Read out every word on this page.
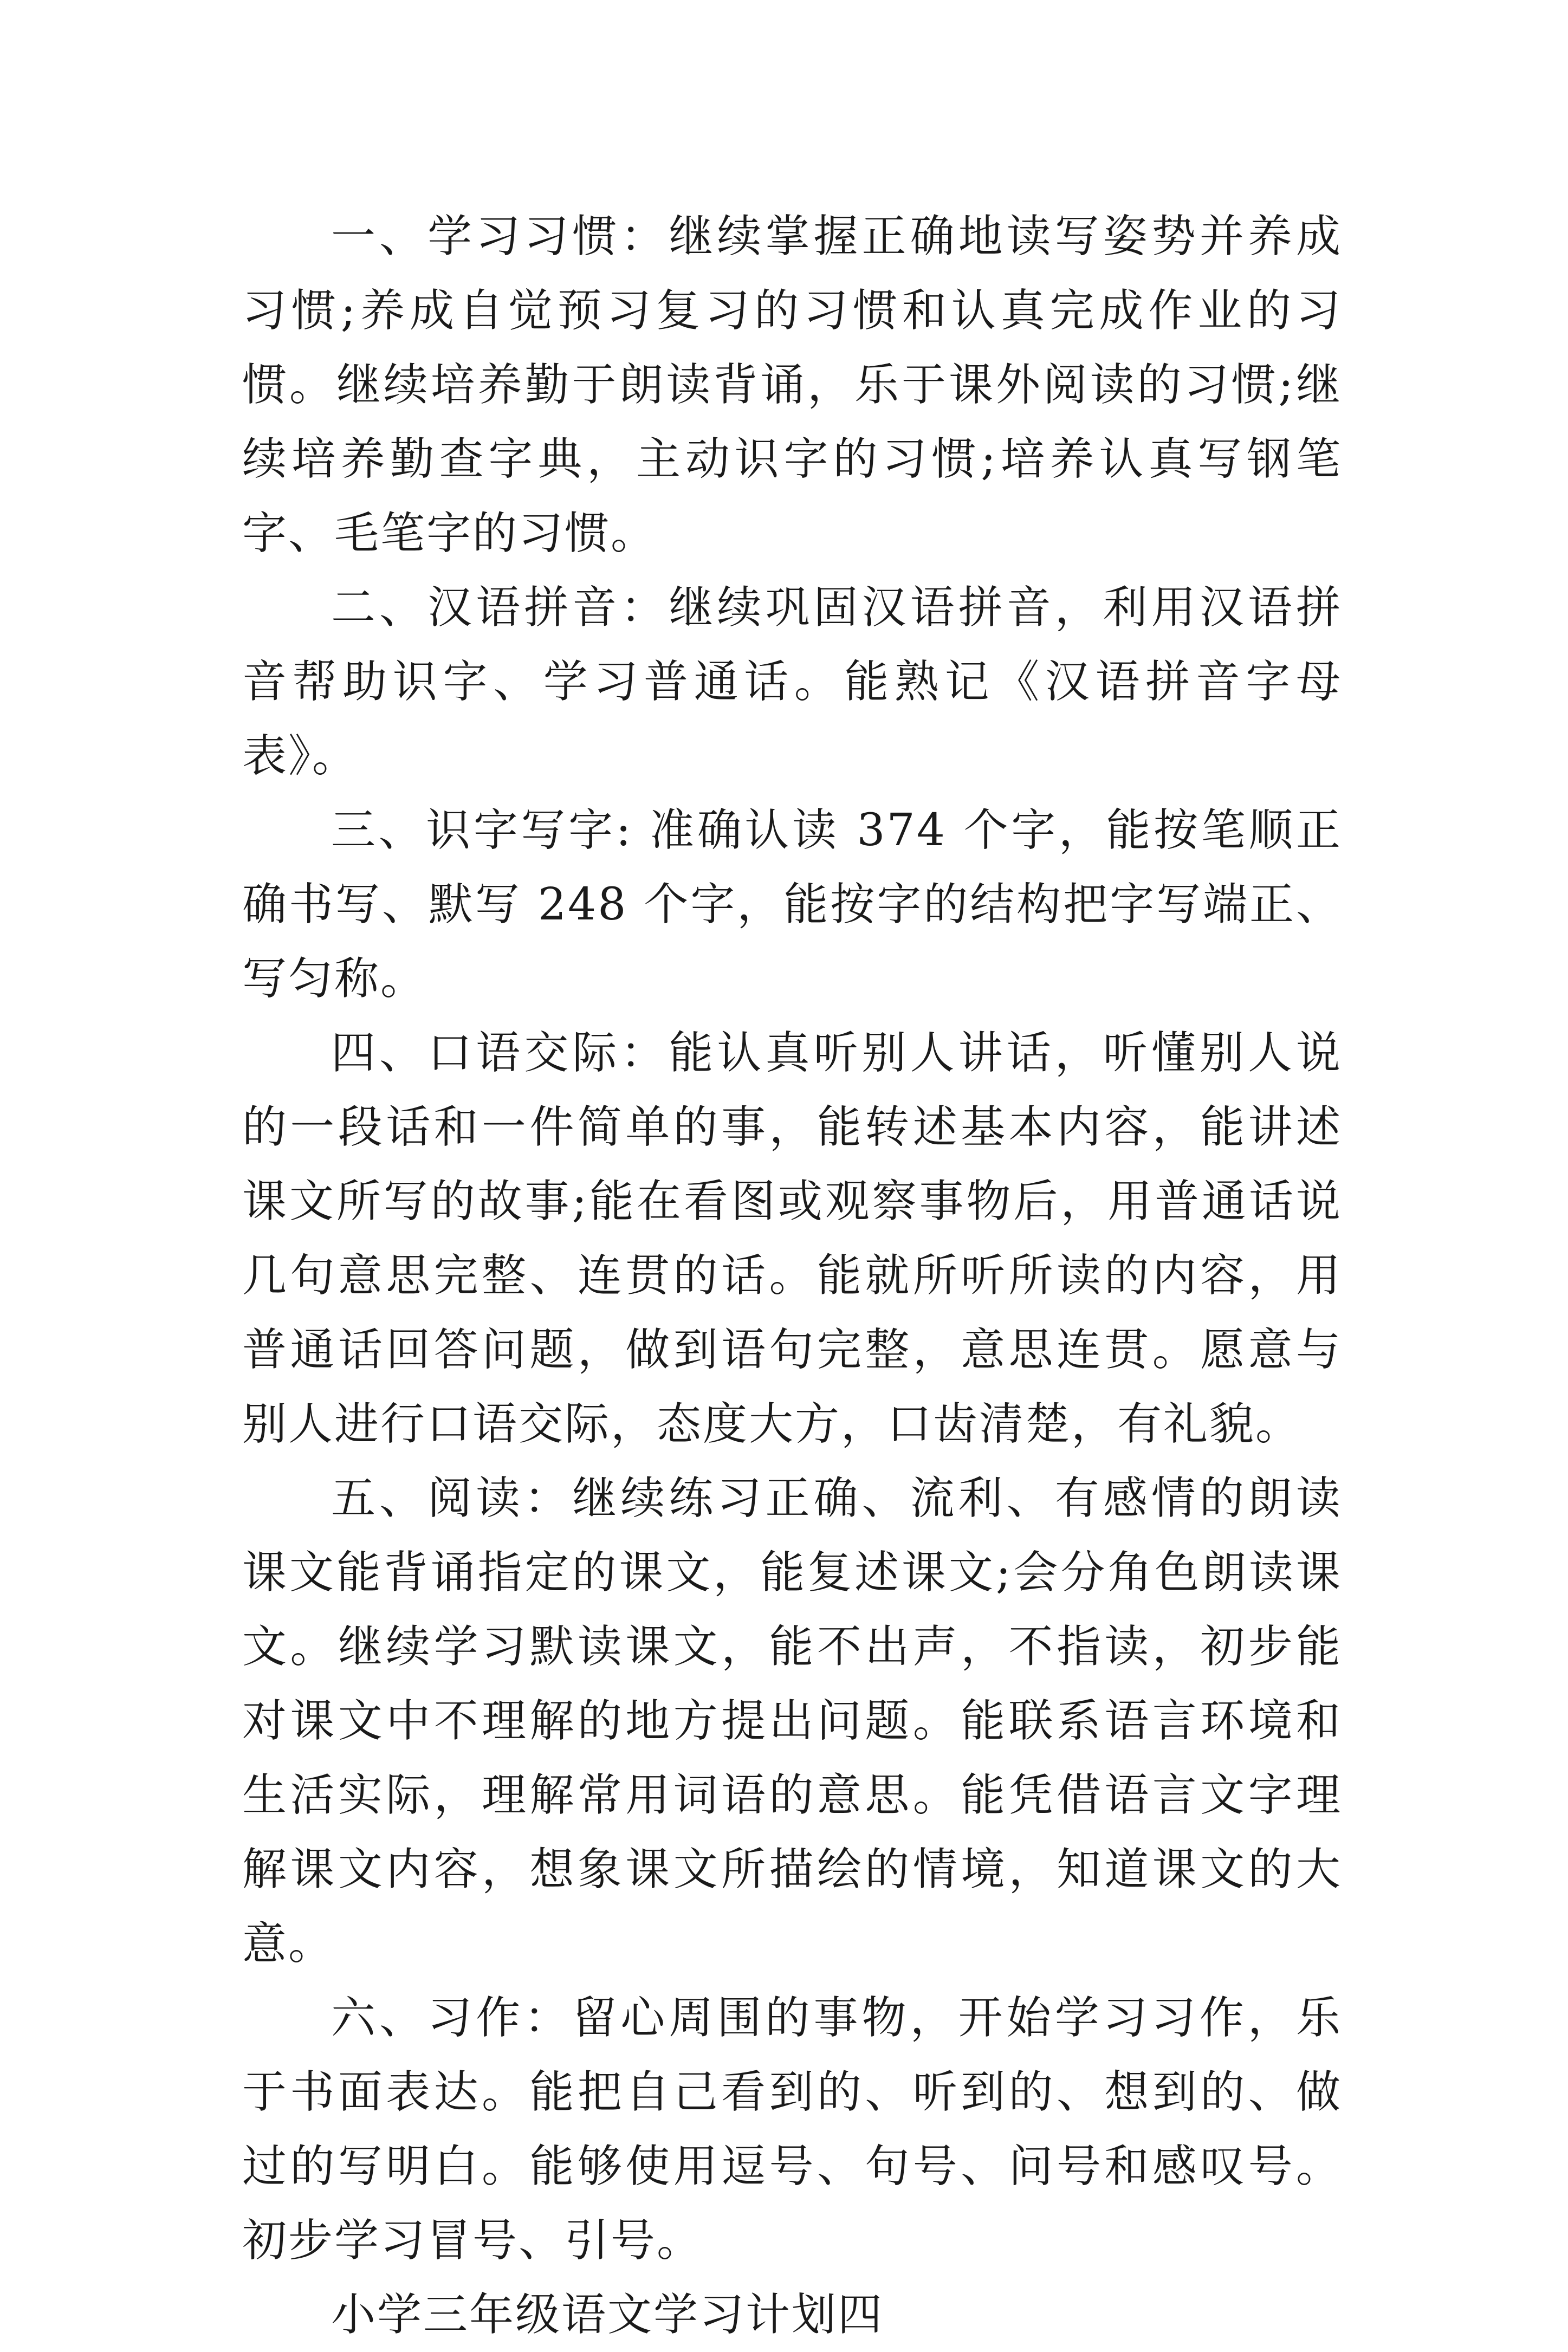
一、学习习惯：继续掌握正确地读写姿势并养成习惯;养成自觉预习复习的习惯和认真完成作业的习惯。继续培养勤于朗读背诵，乐于课外阅读的习惯;继续培养勤查字典，主动识字的习惯;培养认真写钢笔字、毛笔字的习惯。

二、汉语拼音：继续巩固汉语拼音，利用汉语拼音帮助识字、学习普通话。能熟记《汉语拼音字母表》。

三、识字写字: 准确认读 374 个字，能按笔顺正确书写、默写 248 个字，能按字的结构把字写端正、写匀称。

四、口语交际：能认真听别人讲话，听懂别人说的一段话和一件简单的事，能转述基本内容，能讲述课文所写的故事;能在看图或观察事物后，用普通话说几句意思完整、连贯的话。能就所听所读的内容，用普通话回答问题，做到语句完整，意思连贯。愿意与别人进行口语交际，态度大方，口齿清楚，有礼貌。

五、阅读：继续练习正确、流利、有感情的朗读课文能背诵指定的课文，能复述课文;会分角色朗读课文。继续学习默读课文，能不出声，不指读，初步能对课文中不理解的地方提出问题。能联系语言环境和生活实际，理解常用词语的意思。能凭借语言文字理解课文内容，想象课文所描绘的情境，知道课文的大意。

六、习作：留心周围的事物，开始学习习作，乐于书面表达。能把自己看到的、听到的、想到的、做过的写明白。能够使用逗号、句号、问号和感叹号。初步学习冒号、引号。

小学三年级语文学习计划四
